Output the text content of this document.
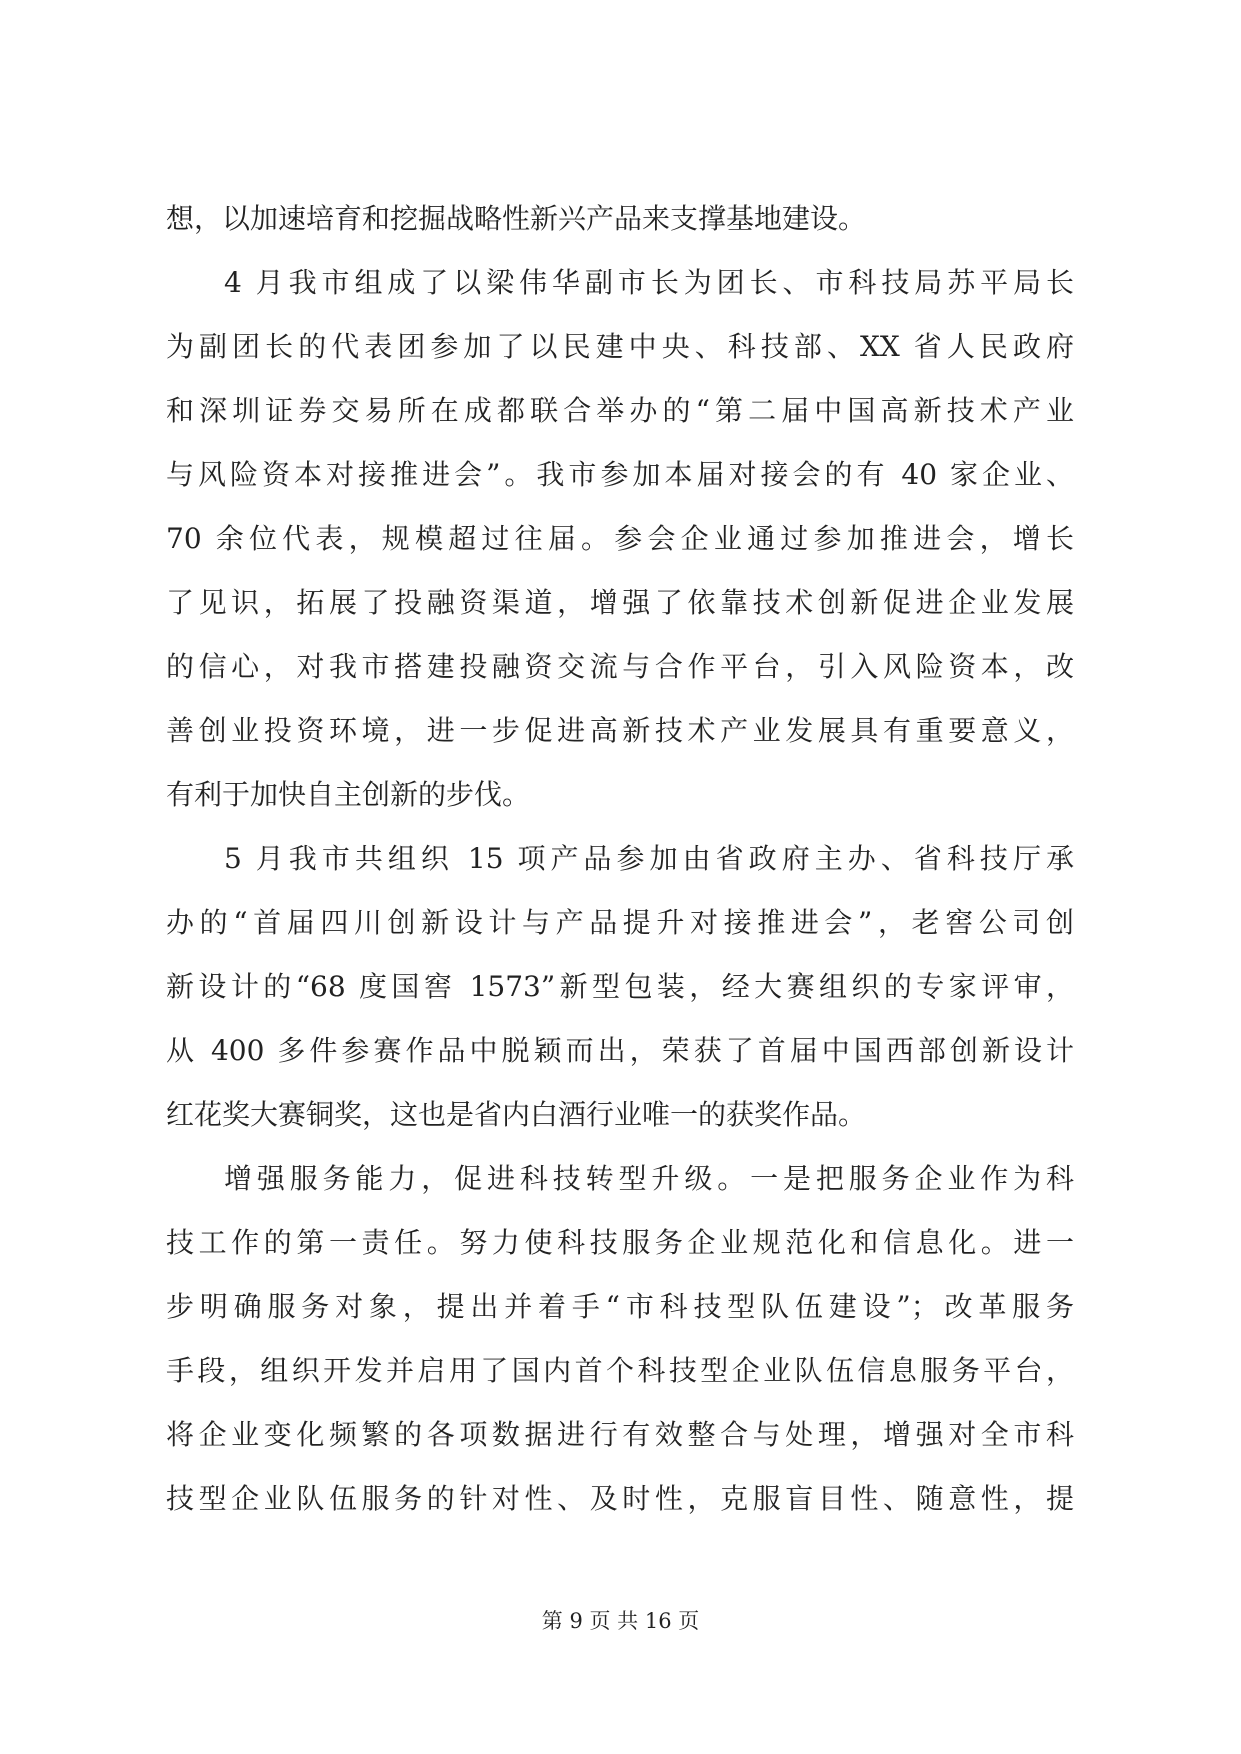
想，以加速培育和挖掘战略性新兴产品来支撑基地建设。
4 月我市组成了以梁伟华副市长为团长、市科技局苏平局长
为副团长的代表团参加了以民建中央、科技部、XX 省人民政府
和深圳证券交易所在成都联合举办的“第二届中国高新技术产业
与风险资本对接推进会”。我市参加本届对接会的有 40 家企业、
70 余位代表，规模超过往届。参会企业通过参加推进会，增长
了见识，拓展了投融资渠道，增强了依靠技术创新促进企业发展
的信心，对我市搭建投融资交流与合作平台，引入风险资本，改
善创业投资环境，进一步促进高新技术产业发展具有重要意义，
有利于加快自主创新的步伐。
5 月我市共组织 15 项产品参加由省政府主办、省科技厅承
办的“首届四川创新设计与产品提升对接推进会”，老窖公司创
新设计的“68 度国窖 1573”新型包装，经大赛组织的专家评审，
从 400 多件参赛作品中脱颖而出，荣获了首届中国西部创新设计
红花奖大赛铜奖，这也是省内白酒行业唯一的获奖作品。
增强服务能力，促进科技转型升级。一是把服务企业作为科
技工作的第一责任。努力使科技服务企业规范化和信息化。进一
步明确服务对象，提出并着手“市科技型队伍建设”；改革服务
手段，组织开发并启用了国内首个科技型企业队伍信息服务平台，
将企业变化频繁的各项数据进行有效整合与处理，增强对全市科
技型企业队伍服务的针对性、及时性，克服盲目性、随意性，提
第 9 页 共 16 页
